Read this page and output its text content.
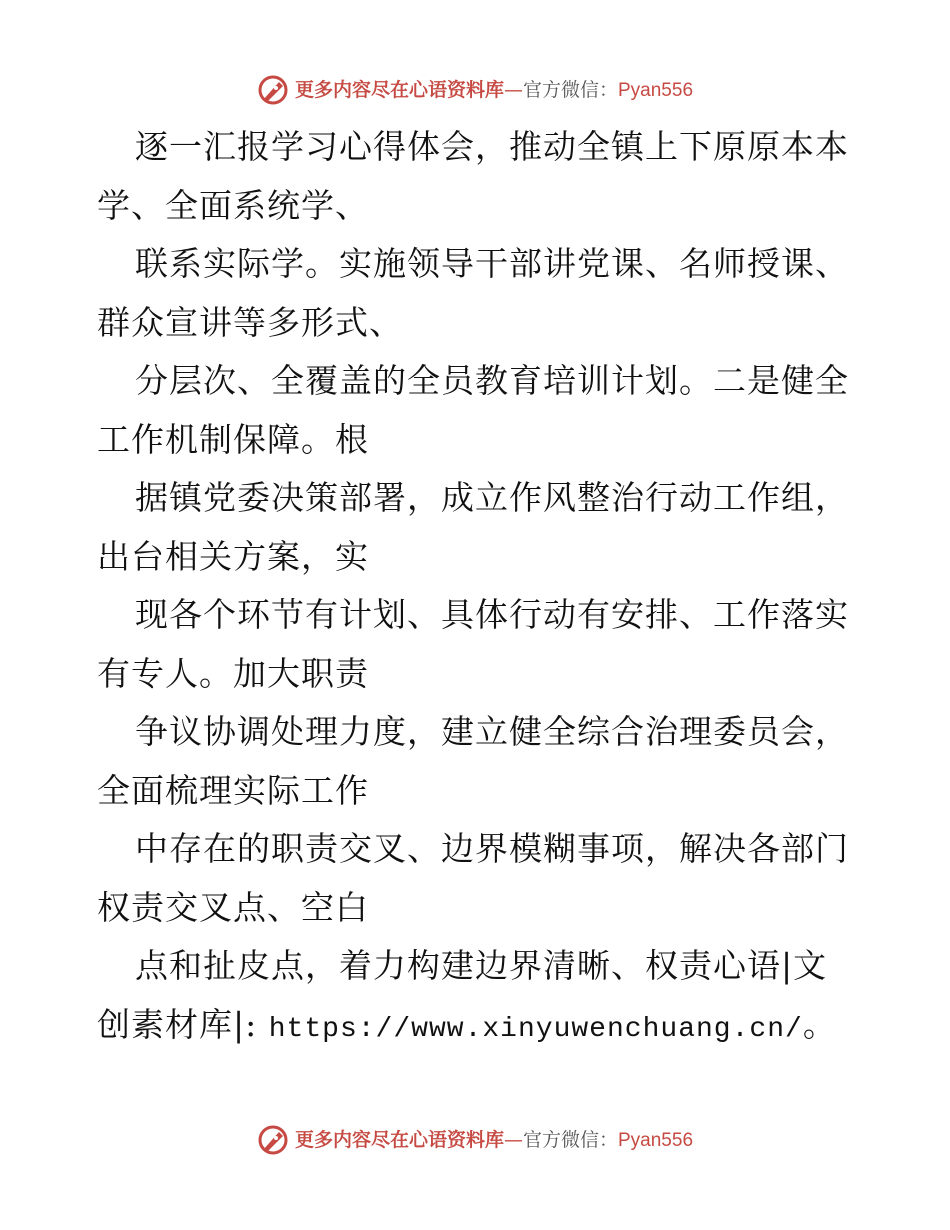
更多内容尽在心语资料库—官方微信：Pyan556
逐一汇报学习心得体会，推动全镇上下原原本本
学、全面系统学、
联系实际学。实施领导干部讲党课、名师授课、
群众宣讲等多形式、
分层次、全覆盖的全员教育培训计划。二是健全
工作机制保障。根
据镇党委决策部署，成立作风整治行动工作组，
出台相关方案，实
现各个环节有计划、具体行动有安排、工作落实
有专人。加大职责
争议协调处理力度，建立健全综合治理委员会，
全面梳理实际工作
中存在的职责交叉、边界模糊事项，解决各部门
权责交叉点、空白
点和扯皮点，着力构建边界清晰、权责心语|文
创素材库|: https://www.xinyuwenchuang.cn/。
更多内容尽在心语资料库—官方微信：Pyan556
